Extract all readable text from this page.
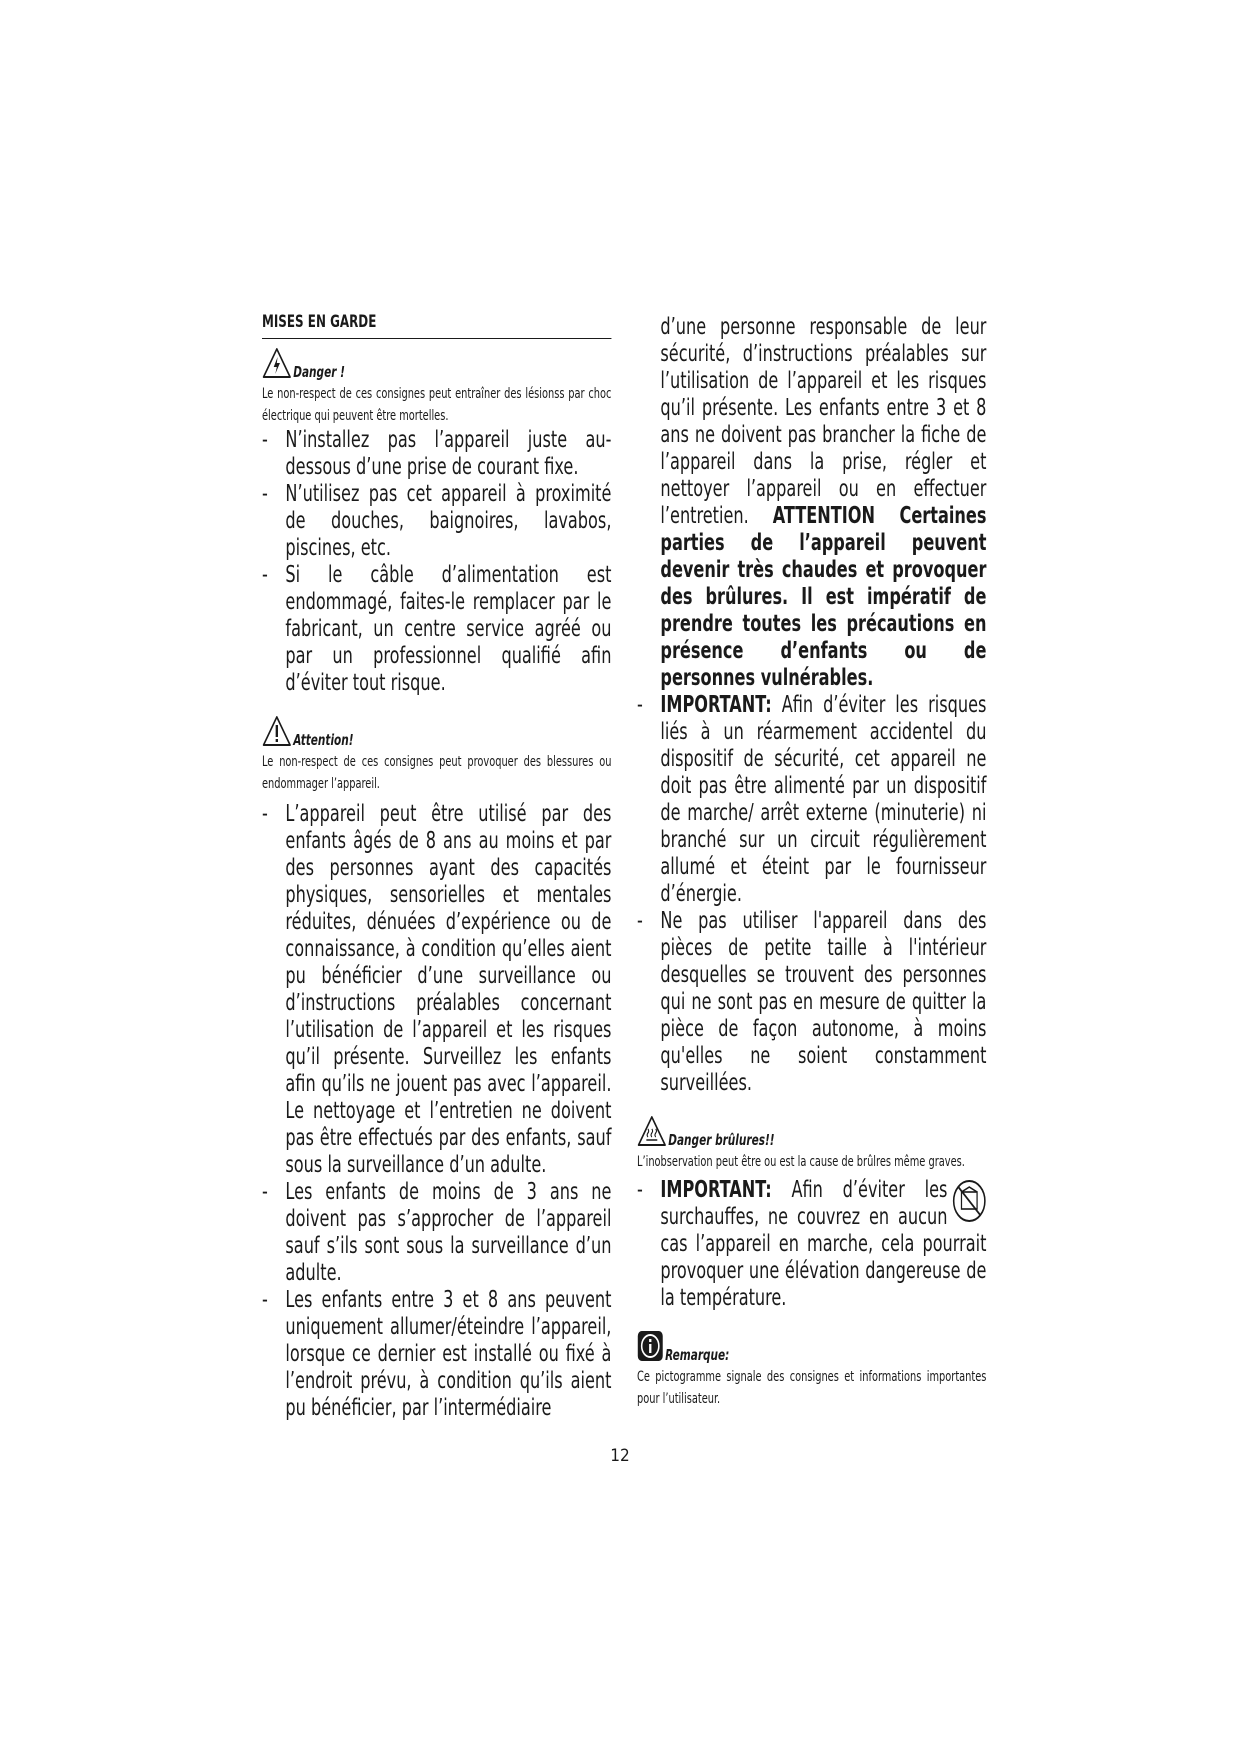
MISES EN GARDE
Danger !
Le non-respect de ces consignes peut entraîner des lésionss par choc électrique qui peuvent être mortelles.
- N’installez pas l’appareil juste au-dessous d’une prise de courant fixe.
- N’utilisez pas cet appareil à proximité de douches, baignoires, lavabos, piscines, etc.
- Si le câble d’alimentation est endommagé, faites-le remplacer par le fabricant, un centre service agréé ou par un professionnel qualifié afin d’éviter tout risque.
Attention!
Le non-respect de ces consignes peut provoquer des blessures ou endommager l’appareil.
- L’appareil peut être utilisé par des enfants âgés de 8 ans au moins et par des personnes ayant des capacités physiques, sensorielles et mentales réduites, dénuées d’expérience ou de connaissance, à condition qu’elles aient pu bénéficier d’une surveillance ou d’instructions préalables concernant l’utilisation de l’appareil et les risques qu’il présente. Surveillez les enfants afin qu’ils ne jouent pas avec l’appareil. Le nettoyage et l’entretien ne doivent pas être effectués par des enfants, sauf sous la surveillance d’un adulte.
- Les enfants de moins de 3 ans ne doivent pas s’approcher de l’appareil sauf s’ils sont sous la surveillance d’un adulte.
- Les enfants entre 3 et 8 ans peuvent uniquement allumer/éteindre l’appareil, lorsque ce dernier est installé ou fixé à l’endroit prévu, à condition qu’ils aient pu bénéficier, par l’intermédiaire
d’une personne responsable de leur sécurité, d’instructions préalables sur l’utilisation de l’appareil et les risques qu’il présente. Les enfants entre 3 et 8 ans ne doivent pas brancher la fiche de l’appareil dans la prise, régler et nettoyer l’appareil ou en effectuer l’entretien. ATTENTION Certaines parties de l’appareil peuvent devenir très chaudes et provoquer des brûlures. Il est impératif de prendre toutes les précautions en présence d’enfants ou de personnes vulnérables.
- IMPORTANT: Afin d’éviter les risques liés à un réarmement accidentel du dispositif de sécurité, cet appareil ne doit pas être alimenté par un dispositif de marche/ arrêt externe (minuterie) ni branché sur un circuit régulièrement allumé et éteint par le fournisseur d’énergie.
- Ne pas utiliser l'appareil dans des pièces de petite taille à l'intérieur desquelles se trouvent des personnes qui ne sont pas en mesure de quitter la pièce de façon autonome, à moins qu'elles ne soient constamment surveillées.
Danger brûlures!!
L’inobservation peut être ou est la cause de brûlres même graves.
- IMPORTANT: Afin d’éviter les surchauffes, ne couvrez en aucun cas l’appareil en marche, cela pourrait provoquer une élévation dangereuse de la température.
Remarque:
Ce pictogramme signale des consignes et informations importantes pour l’utilisateur.
12
